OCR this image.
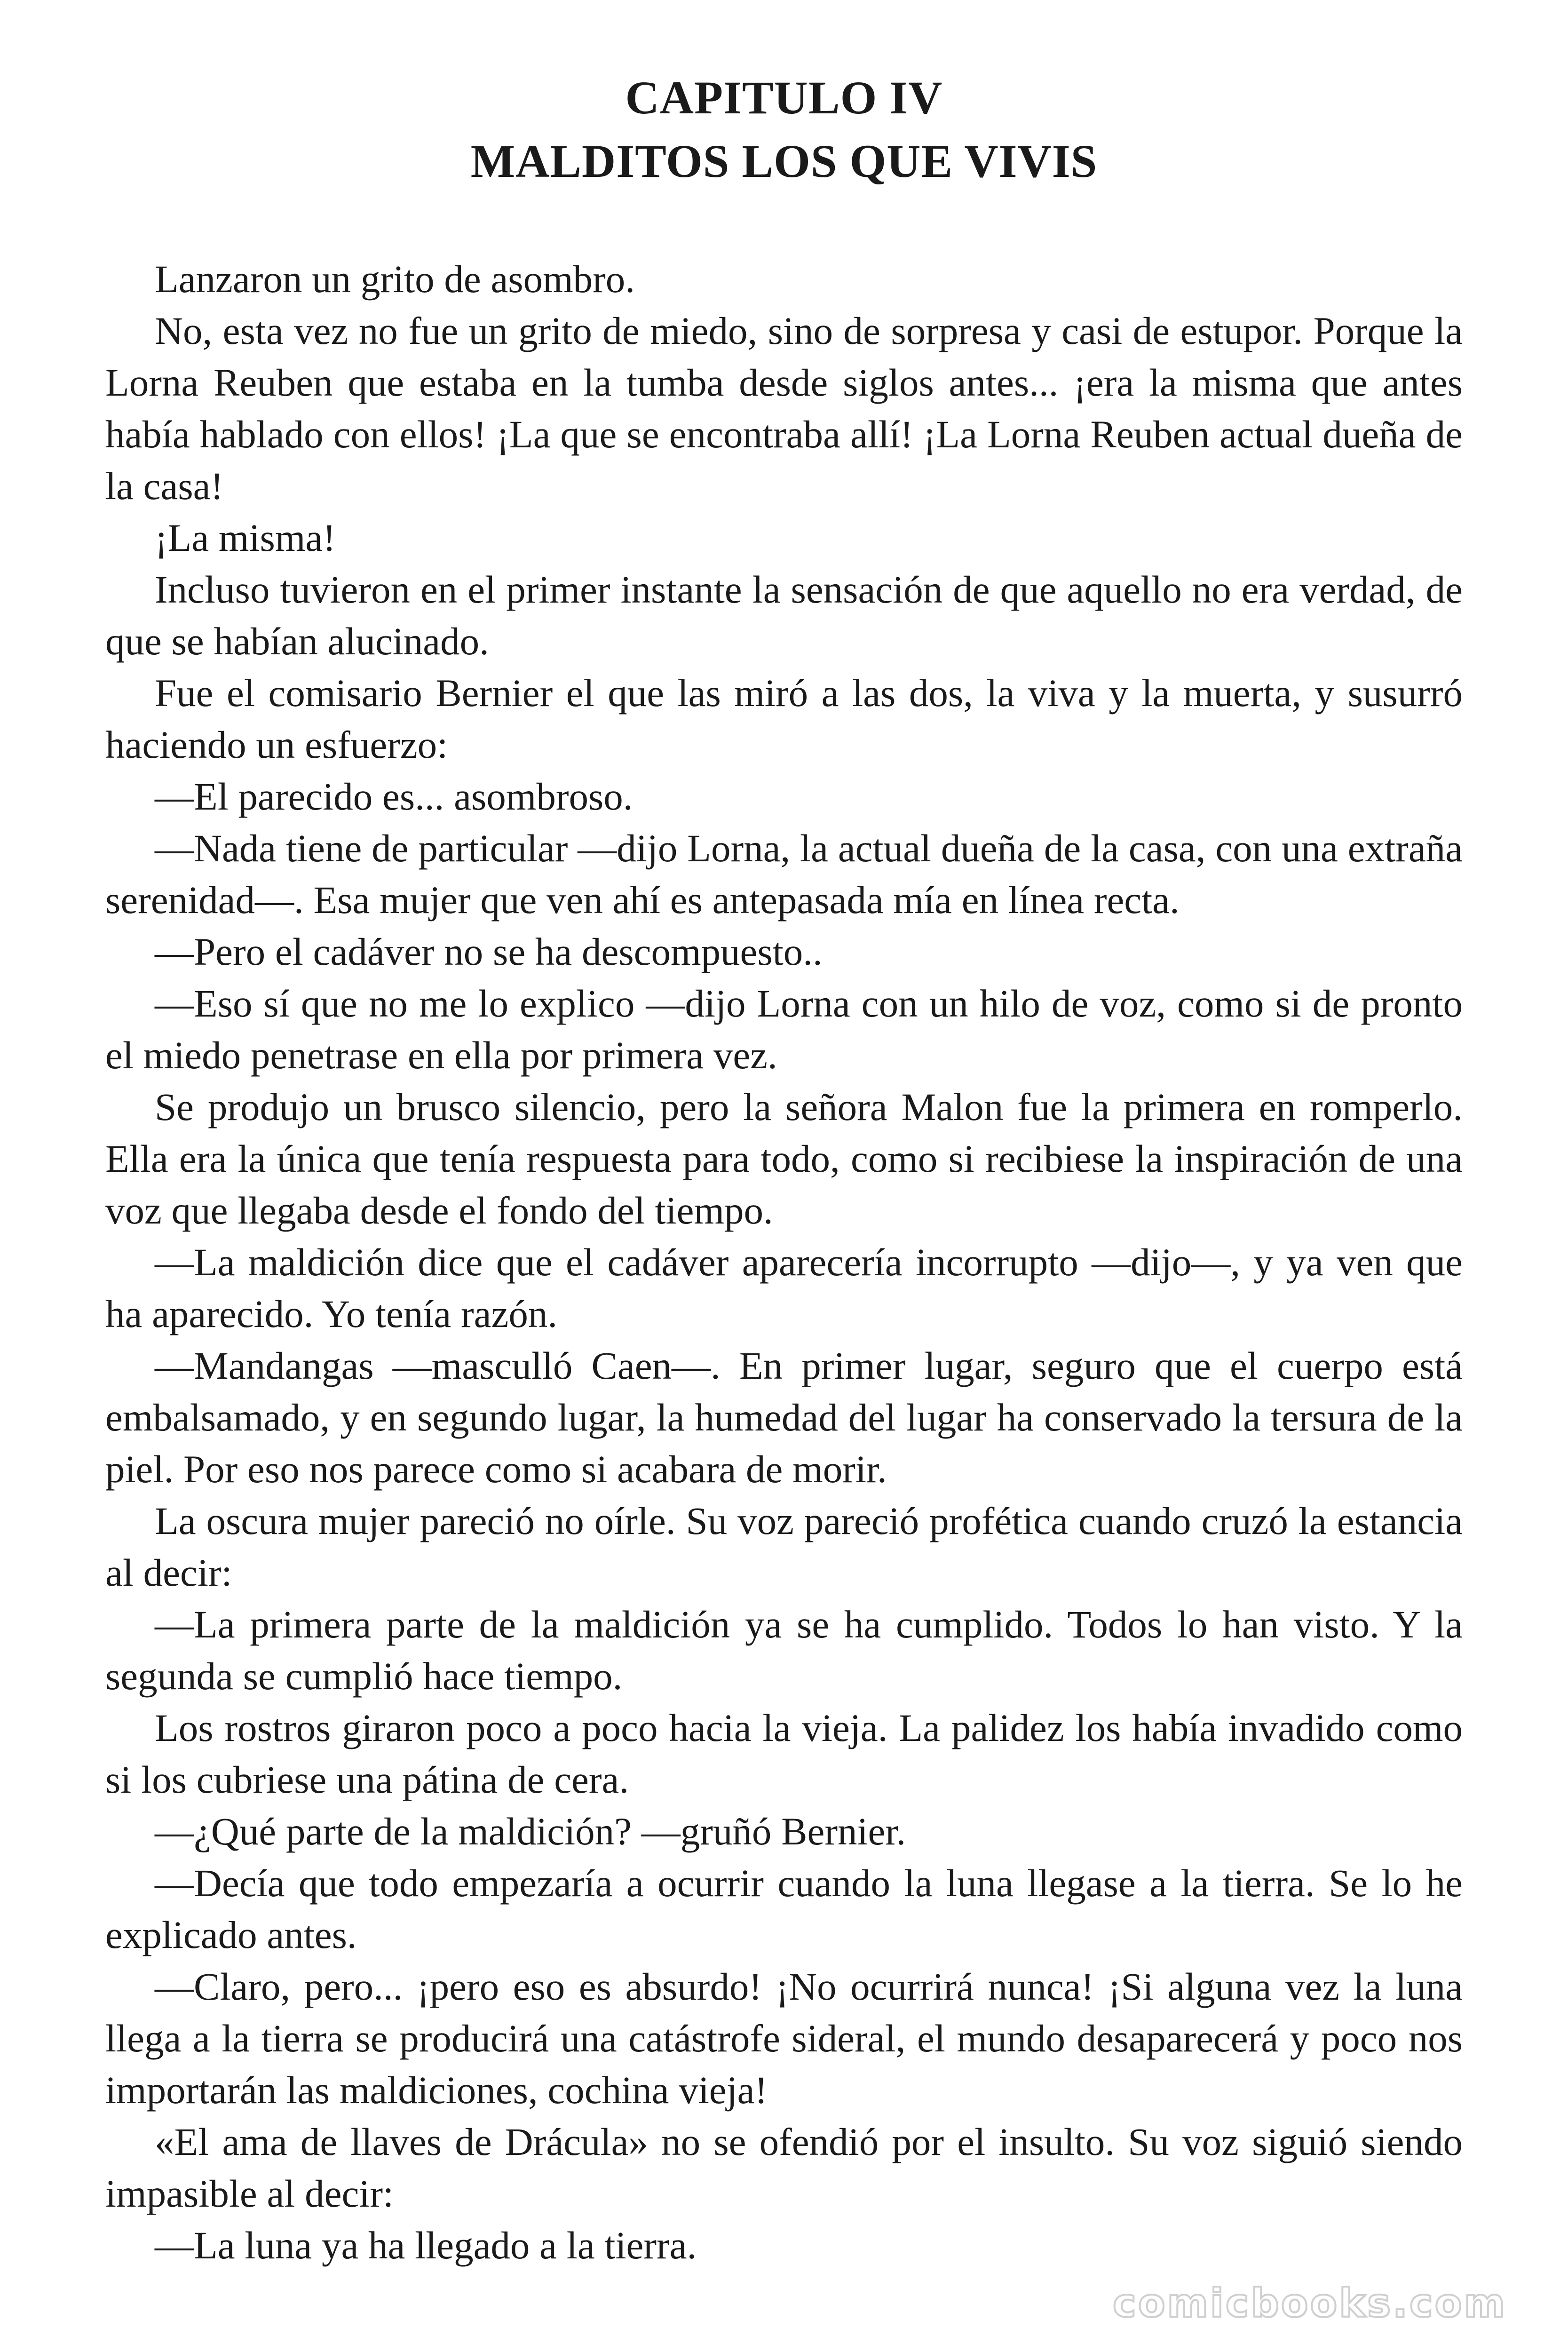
CAPITULO IV
MALDITOS LOS QUE VIVIS

Lanzaron un grito de asombro.

No, esta vez no fue un grito de miedo, sino de sorpresa y casi de estupor. Porque la Lorna Reuben que estaba en la tumba desde siglos antes... ¡era la misma que antes había hablado con ellos! ¡La que se encontraba allí! ¡La Lorna Reuben actual dueña de la casa!

¡La misma!

Incluso tuvieron en el primer instante la sensación de que aquello no era verdad, de que se habían alucinado.

Fue el comisario Bernier el que las miró a las dos, la viva y la muerta, y susurró haciendo un esfuerzo:

—El parecido es... asombroso.

—Nada tiene de particular —dijo Lorna, la actual dueña de la casa, con una extraña serenidad—. Esa mujer que ven ahí es antepasada mía en línea recta.

—Pero el cadáver no se ha descompuesto..

—Eso sí que no me lo explico —dijo Lorna con un hilo de voz, como si de pronto el miedo penetrase en ella por primera vez.

Se produjo un brusco silencio, pero la señora Malon fue la primera en romperlo. Ella era la única que tenía respuesta para todo, como si recibiese la inspiración de una voz que llegaba desde el fondo del tiempo.

—La maldición dice que el cadáver aparecería incorrupto —dijo—, y ya ven que ha aparecido. Yo tenía razón.

—Mandangas —masculló Caen—. En primer lugar, seguro que el cuerpo está embalsamado, y en segundo lugar, la humedad del lugar ha conservado la tersura de la piel. Por eso nos parece como si acabara de morir.

La oscura mujer pareció no oírle. Su voz pareció profética cuando cruzó la estancia al decir:

—La primera parte de la maldición ya se ha cumplido. Todos lo han visto. Y la segunda se cumplió hace tiempo.

Los rostros giraron poco a poco hacia la vieja. La palidez los había invadido como si los cubriese una pátina de cera.

—¿Qué parte de la maldición? —gruñó Bernier.

—Decía que todo empezaría a ocurrir cuando la luna llegase a la tierra. Se lo he explicado antes.

—Claro, pero... ¡pero eso es absurdo! ¡No ocurrirá nunca! ¡Si alguna vez la luna llega a la tierra se producirá una catástrofe sideral, el mundo desaparecerá y poco nos importarán las maldiciones, cochina vieja!

«El ama de llaves de Drácula» no se ofendió por el insulto. Su voz siguió siendo impasible al decir:

—La luna ya ha llegado a la tierra.

comicbooks.com
